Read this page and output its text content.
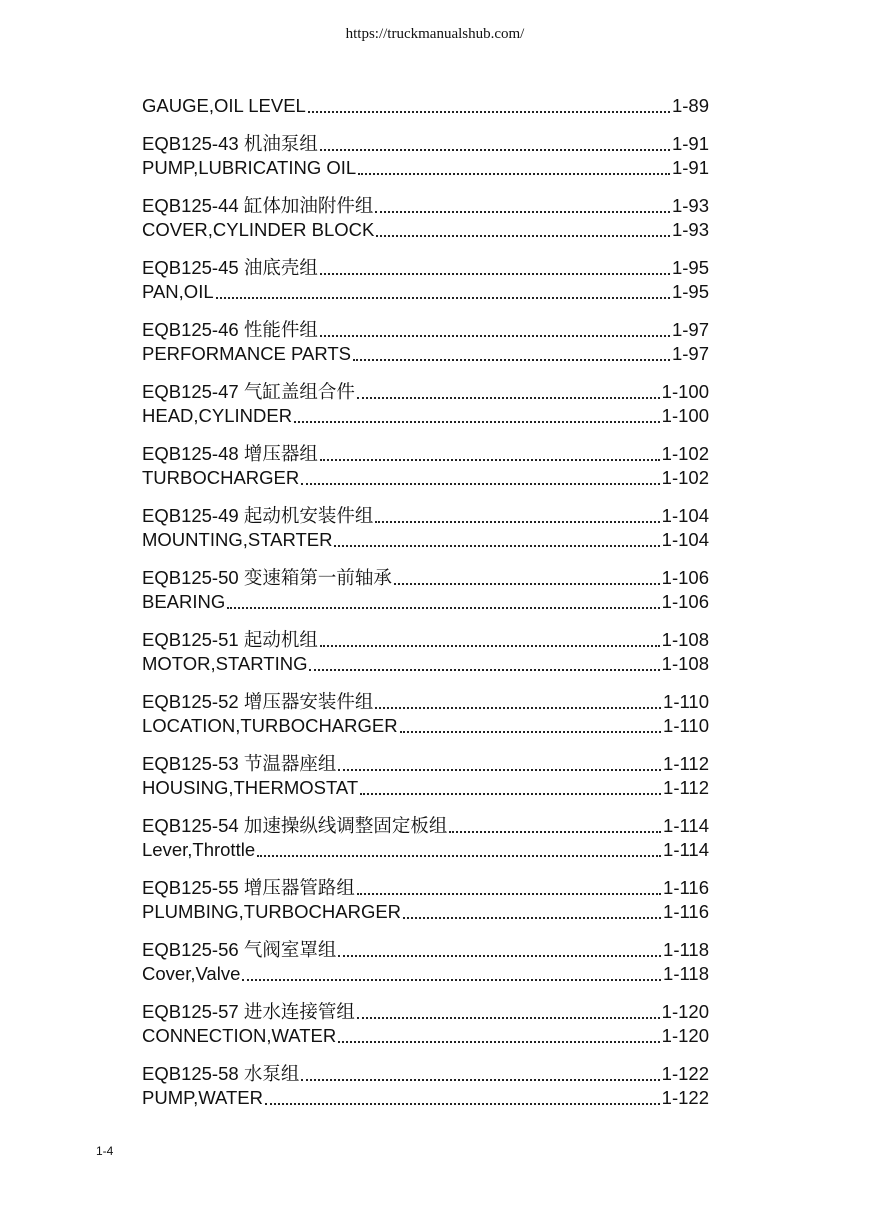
https://truckmanualshub.com/
GAUGE,OIL LEVEL	1-89
EQB125-43 机油泵组	1-91
PUMP,LUBRICATING OIL	1-91
EQB125-44 缸体加油附件组	1-93
COVER,CYLINDER BLOCK	1-93
EQB125-45 油底壳组	1-95
PAN,OIL	1-95
EQB125-46 性能件组	1-97
PERFORMANCE PARTS	1-97
EQB125-47 气缸盖组合件	1-100
HEAD,CYLINDER	1-100
EQB125-48 增压器组	1-102
TURBOCHARGER	1-102
EQB125-49 起动机安装件组	1-104
MOUNTING,STARTER	1-104
EQB125-50 变速箱第一前轴承	1-106
BEARING	1-106
EQB125-51 起动机组	1-108
MOTOR,STARTING	1-108
EQB125-52 增压器安装件组	1-110
LOCATION,TURBOCHARGER	1-110
EQB125-53 节温器座组	1-112
HOUSING,THERMOSTAT	1-112
EQB125-54 加速操纵线调整固定板组	1-114
Lever,Throttle	1-114
EQB125-55 增压器管路组	1-116
PLUMBING,TURBOCHARGER	1-116
EQB125-56 气阀室罩组	1-118
Cover,Valve	1-118
EQB125-57 进水连接管组	1-120
CONNECTION,WATER	1-120
EQB125-58 水泵组	1-122
PUMP,WATER	1-122
1-4
